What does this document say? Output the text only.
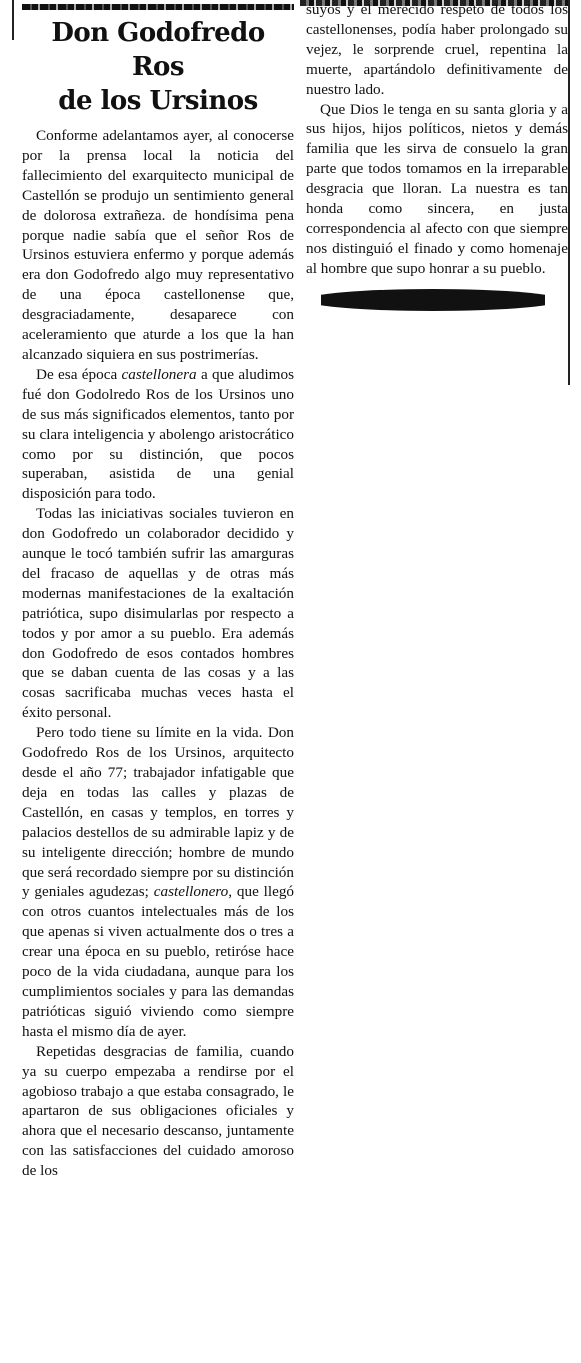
Don Godofredo Ros
de los Ursinos

Conforme adelantamos ayer, al conocerse por la prensa local la noticia del fallecimiento del exarquitecto municipal de Castellón se produjo un sentimiento general de dolorosa extrañeza. de hondísima pena porque nadie sabía que el señor Ros de Ursinos estuviera enfermo y porque además era don Godofredo algo muy representativo de una época castellonense que, desgraciadamente, desaparece con aceleramiento que aturde a los que la han alcanzado siquiera en sus postrimerías.

De esa época castellonera a que aludimos fué don Godolredo Ros de los Ursinos uno de sus más significados elementos, tanto por su clara inteligencia y abolengo aristocrático como por su distinción, que pocos superaban, asistida de una genial disposición para todo.

Todas las iniciativas sociales tuvieron en don Godofredo un colaborador decidido y aunque le tocó también sufrir las amarguras del fracaso de aquellas y de otras más modernas manifestaciones de la exaltación patriótica, supo disimularlas por respecto a todos y por amor a su pueblo. Era además don Godofredo de esos contados hombres que se daban cuenta de las cosas y a las cosas sacrificaba muchas veces hasta el éxito personal.

Pero todo tiene su límite en la vida. Don Godofredo Ros de los Ursinos, arquitecto desde el año 77; trabajador infatigable que deja en todas las calles y plazas de Castellón, en casas y templos, en torres y palacios destellos de su admirable lapiz y de su inteligente dirección; hombre de mundo que será recordado siempre por su distinción y geniales agudezas; castellonero, que llegó con otros cuantos intelectuales más de los que apenas si viven actualmente dos o tres a crear una época en su pueblo, retiróse hace poco de la vida ciudadana, aunque para los cumplimientos sociales y para las demandas patrióticas siguió viviendo como siempre hasta el mismo día de ayer.

Repetidas desgracias de familia, cuando ya su cuerpo empezaba a rendirse por el agobioso trabajo a que estaba consagrado, le apartaron de sus obligaciones oficiales y ahora que el necesario descanso, juntamente con las satisfacciones del cuidado amoroso de los

suyos y el merecido respeto de todos los castellonenses, podía haber prolongado su vejez, le sorprende cruel, repentina la muerte, apartándolo definitivamente de nuestro lado.

Que Dios le tenga en su santa gloria y a sus hijos, hijos políticos, nietos y demás familia que les sirva de consuelo la gran parte que todos tomamos en la irreparable desgracia que lloran. La nuestra es tan honda como sincera, en justa correspondencia al afecto con que siempre nos distinguió el finado y como homenaje al hombre que supo honrar a su pueblo.
